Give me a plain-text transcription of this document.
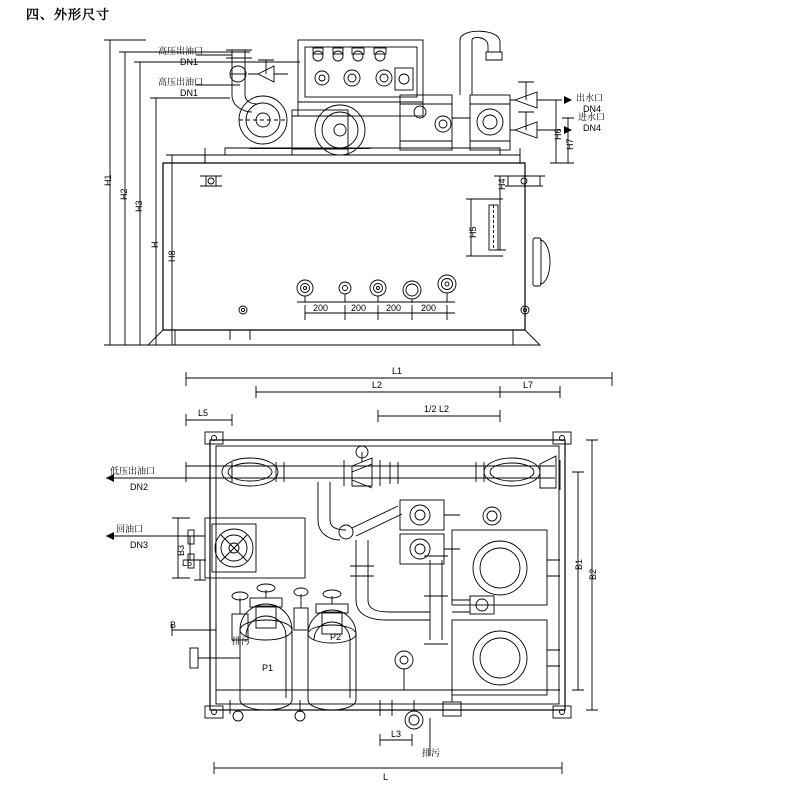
四、外形尺寸
H1
H2
H3
H
H8
H4
H5
H6
H7
高压出油口
DN1
高压出油口
DN1	出水口
DN4
进水口
DN4
200	200 200 200
L1
L2	L7
1/2 L2
L5
L
L3
L6
B
B1
B2
B3
低压出油口
DN2
回油口
DN3
排污
P1
P2
排污
